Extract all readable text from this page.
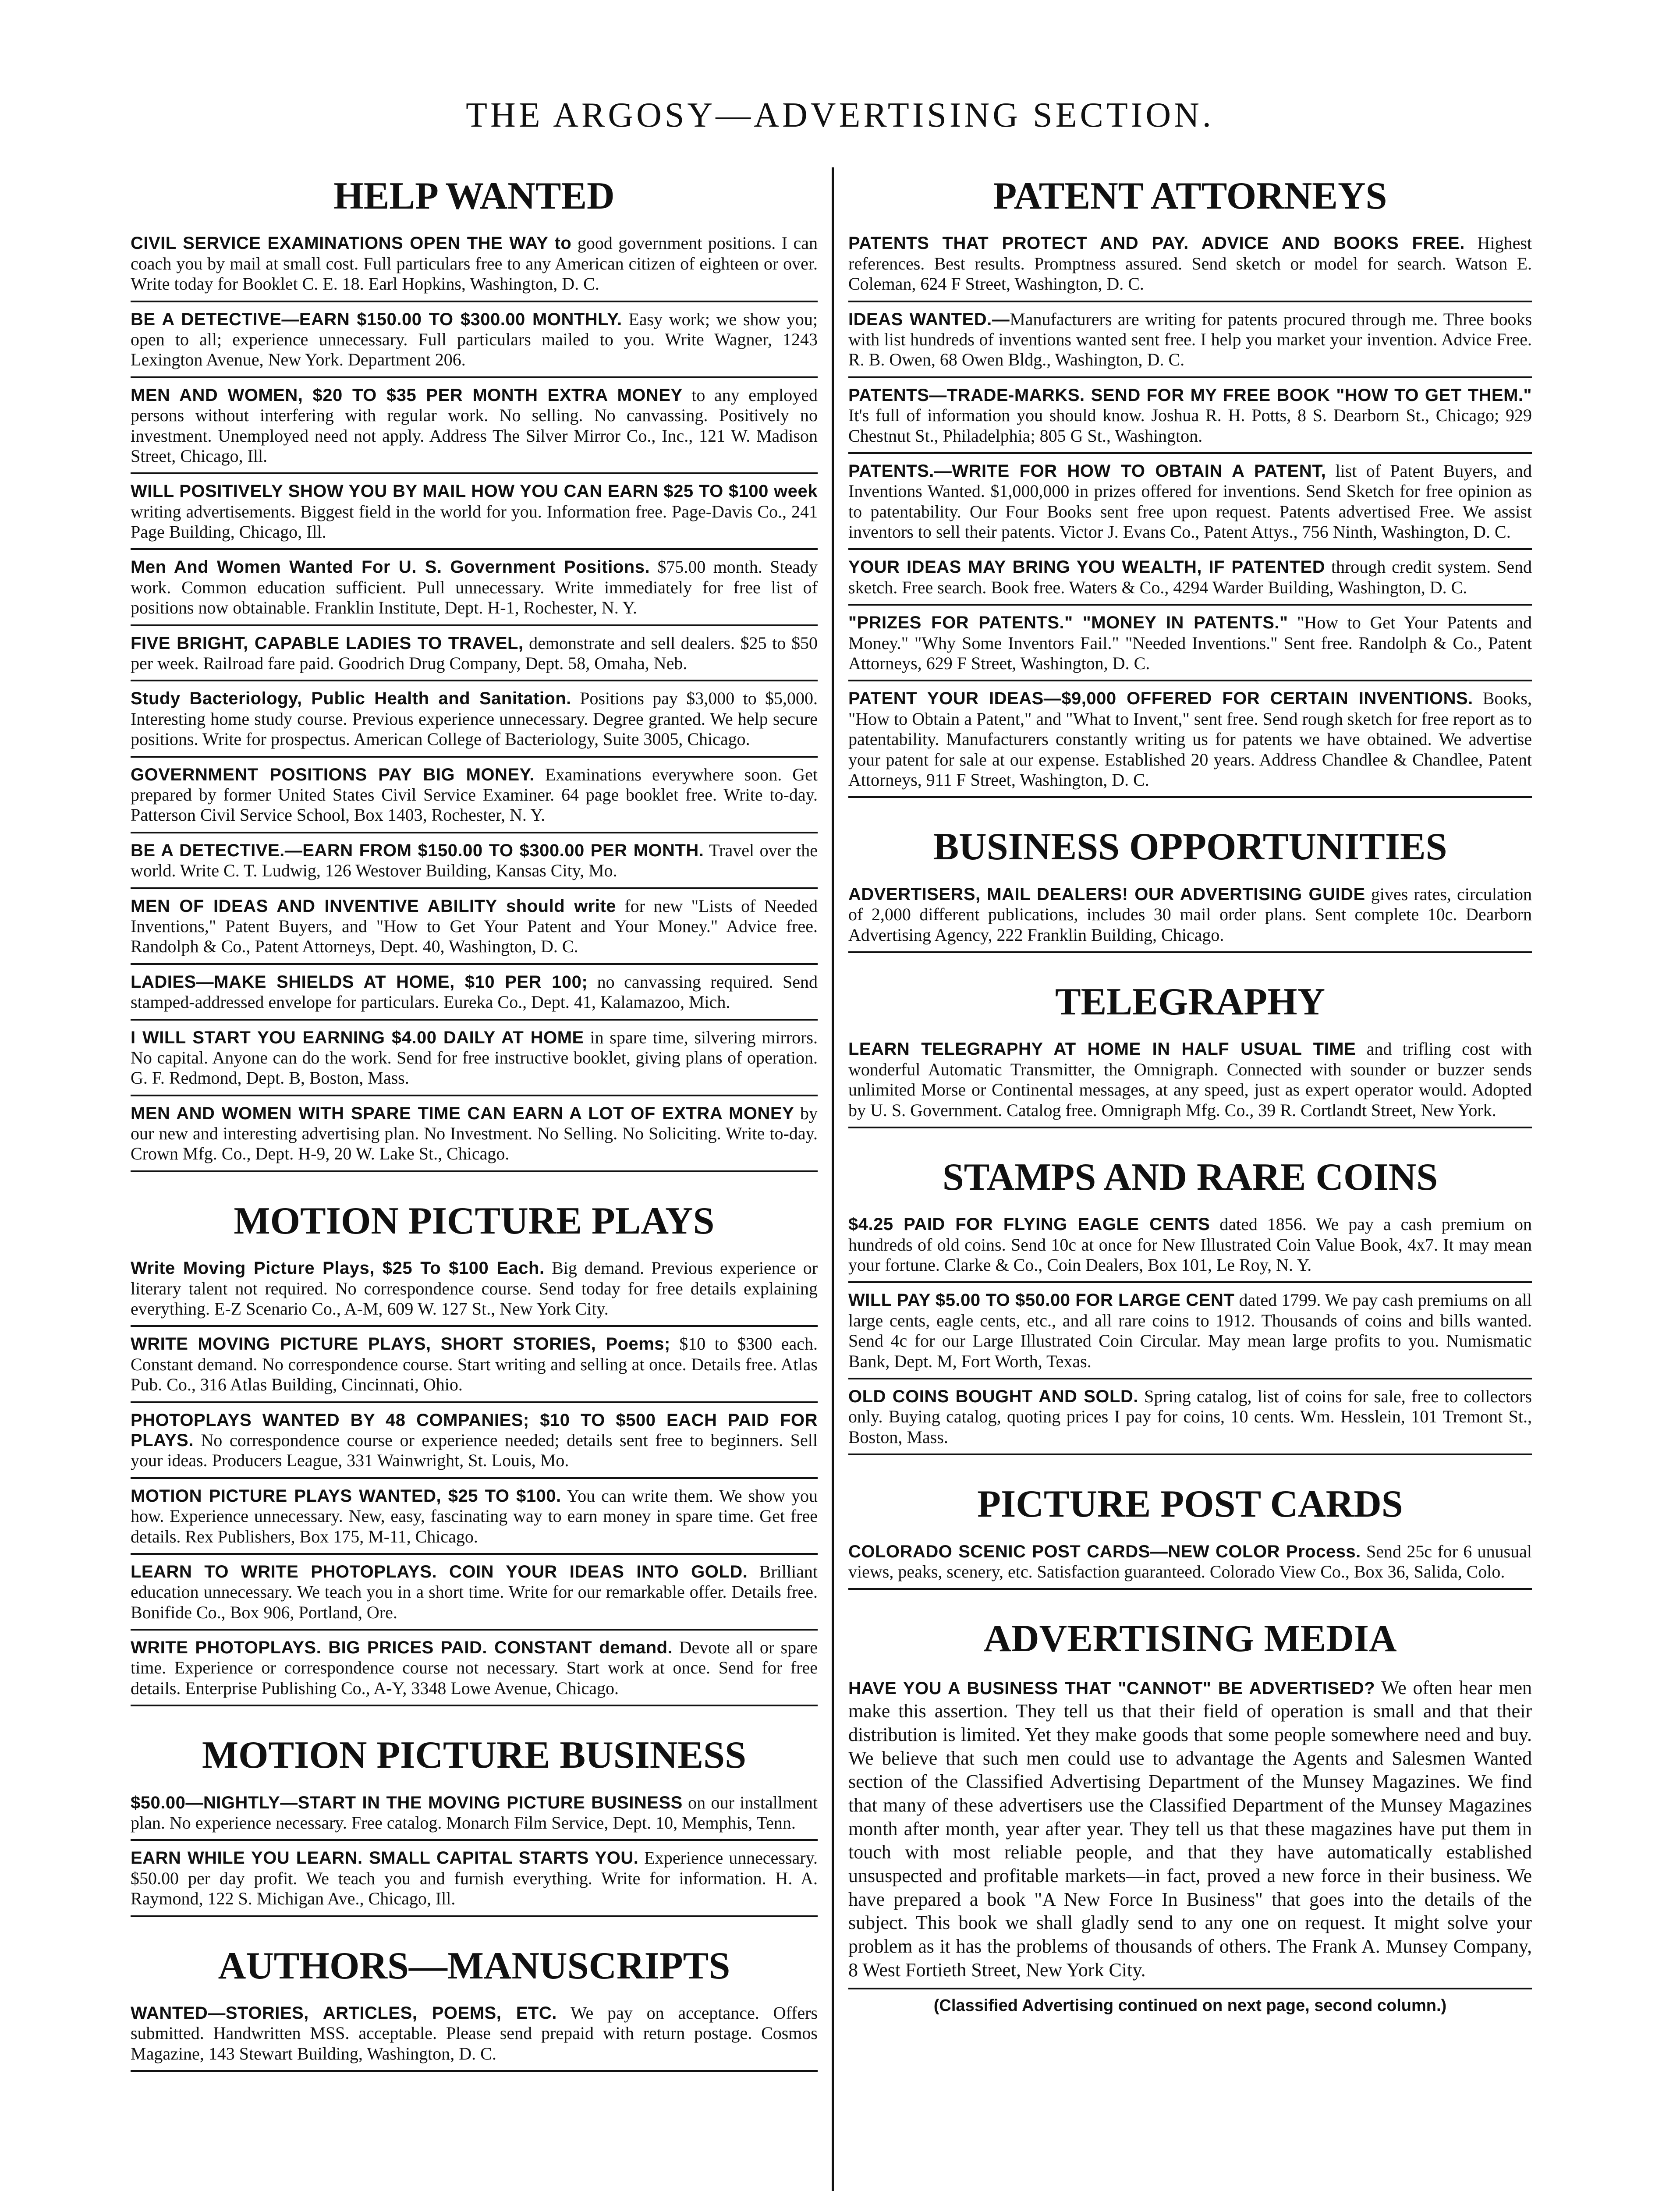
THE ARGOSY—ADVERTISING SECTION.
HELP WANTED
CIVIL SERVICE EXAMINATIONS OPEN THE WAY to good government positions. I can coach you by mail at small cost. Full particulars free to any American citizen of eighteen or over. Write today for Booklet C. E. 18. Earl Hopkins, Washington, D. C.
BE A DETECTIVE—EARN $150.00 TO $300.00 MONTHLY. Easy work; we show you; open to all; experience unnecessary. Full particulars mailed to you. Write Wagner, 1243 Lexington Avenue, New York. Department 206.
MEN AND WOMEN, $20 TO $35 PER MONTH EXTRA MONEY to any employed persons without interfering with regular work. No selling. No canvassing. Positively no investment. Unemployed need not apply. Address The Silver Mirror Co., Inc., 121 W. Madison Street, Chicago, Ill.
WILL POSITIVELY SHOW YOU BY MAIL HOW YOU CAN EARN $25 TO $100 week writing advertisements. Biggest field in the world for you. Information free. Page-Davis Co., 241 Page Building, Chicago, Ill.
Men And Women Wanted For U. S. Government Positions. $75.00 month. Steady work. Common education sufficient. Pull unnecessary. Write immediately for free list of positions now obtainable. Franklin Institute, Dept. H-1, Rochester, N. Y.
FIVE BRIGHT, CAPABLE LADIES TO TRAVEL, demonstrate and sell dealers. $25 to $50 per week. Railroad fare paid. Goodrich Drug Company, Dept. 58, Omaha, Neb.
Study Bacteriology, Public Health and Sanitation. Positions pay $3,000 to $5,000. Interesting home study course. Previous experience unnecessary. Degree granted. We help secure positions. Write for prospectus. American College of Bacteriology, Suite 3005, Chicago.
GOVERNMENT POSITIONS PAY BIG MONEY. Examinations everywhere soon. Get prepared by former United States Civil Service Examiner. 64 page booklet free. Write to-day. Patterson Civil Service School, Box 1403, Rochester, N. Y.
BE A DETECTIVE.—EARN FROM $150.00 TO $300.00 PER MONTH. Travel over the world. Write C. T. Ludwig, 126 Westover Building, Kansas City, Mo.
MEN OF IDEAS AND INVENTIVE ABILITY should write for new "Lists of Needed Inventions," Patent Buyers, and "How to Get Your Patent and Your Money." Advice free. Randolph & Co., Patent Attorneys, Dept. 40, Washington, D. C.
LADIES—MAKE SHIELDS AT HOME, $10 PER 100; no canvassing required. Send stamped-addressed envelope for particulars. Eureka Co., Dept. 41, Kalamazoo, Mich.
I WILL START YOU EARNING $4.00 DAILY AT HOME in spare time, silvering mirrors. No capital. Anyone can do the work. Send for free instructive booklet, giving plans of operation. G. F. Redmond, Dept. B, Boston, Mass.
MEN AND WOMEN WITH SPARE TIME CAN EARN A LOT OF EXTRA MONEY by our new and interesting advertising plan. No Investment. No Selling. No Soliciting. Write to-day. Crown Mfg. Co., Dept. H-9, 20 W. Lake St., Chicago.
MOTION PICTURE PLAYS
Write Moving Picture Plays, $25 To $100 Each. Big demand. Previous experience or literary talent not required. No correspondence course. Send today for free details explaining everything. E-Z Scenario Co., A-M, 609 W. 127 St., New York City.
WRITE MOVING PICTURE PLAYS, SHORT STORIES, Poems; $10 to $300 each. Constant demand. No correspondence course. Start writing and selling at once. Details free. Atlas Pub. Co., 316 Atlas Building, Cincinnati, Ohio.
PHOTOPLAYS WANTED BY 48 COMPANIES; $10 TO $500 EACH PAID FOR PLAYS. No correspondence course or experience needed; details sent free to beginners. Sell your ideas. Producers League, 331 Wainwright, St. Louis, Mo.
MOTION PICTURE PLAYS WANTED, $25 TO $100. You can write them. We show you how. Experience unnecessary. New, easy, fascinating way to earn money in spare time. Get free details. Rex Publishers, Box 175, M-11, Chicago.
LEARN TO WRITE PHOTOPLAYS. COIN YOUR IDEAS INTO GOLD. Brilliant education unnecessary. We teach you in a short time. Write for our remarkable offer. Details free. Bonifide Co., Box 906, Portland, Ore.
WRITE PHOTOPLAYS. BIG PRICES PAID. CONSTANT demand. Devote all or spare time. Experience or correspondence course not necessary. Start work at once. Send for free details. Enterprise Publishing Co., A-Y, 3348 Lowe Avenue, Chicago.
MOTION PICTURE BUSINESS
$50.00—NIGHTLY—START IN THE MOVING PICTURE BUSINESS on our installment plan. No experience necessary. Free catalog. Monarch Film Service, Dept. 10, Memphis, Tenn.
EARN WHILE YOU LEARN. SMALL CAPITAL STARTS YOU. Experience unnecessary. $50.00 per day profit. We teach you and furnish everything. Write for information. H. A. Raymond, 122 S. Michigan Ave., Chicago, Ill.
AUTHORS—MANUSCRIPTS
WANTED—STORIES, ARTICLES, POEMS, ETC. We pay on acceptance. Offers submitted. Handwritten MSS. acceptable. Please send prepaid with return postage. Cosmos Magazine, 143 Stewart Building, Washington, D. C.
PATENT ATTORNEYS
PATENTS THAT PROTECT AND PAY. ADVICE AND BOOKS FREE. Highest references. Best results. Promptness assured. Send sketch or model for search. Watson E. Coleman, 624 F Street, Washington, D. C.
IDEAS WANTED.—Manufacturers are writing for patents procured through me. Three books with list hundreds of inventions wanted sent free. I help you market your invention. Advice Free. R. B. Owen, 68 Owen Bldg., Washington, D. C.
PATENTS—TRADE-MARKS. SEND FOR MY FREE BOOK "HOW TO GET THEM." It's full of information you should know. Joshua R. H. Potts, 8 S. Dearborn St., Chicago; 929 Chestnut St., Philadelphia; 805 G St., Washington.
PATENTS.—WRITE FOR HOW TO OBTAIN A PATENT, list of Patent Buyers, and Inventions Wanted. $1,000,000 in prizes offered for inventions. Send Sketch for free opinion as to patentability. Our Four Books sent free upon request. Patents advertised Free. We assist inventors to sell their patents. Victor J. Evans Co., Patent Attys., 756 Ninth, Washington, D. C.
YOUR IDEAS MAY BRING YOU WEALTH, IF PATENTED through credit system. Send sketch. Free search. Book free. Waters & Co., 4294 Warder Building, Washington, D. C.
"PRIZES FOR PATENTS." "MONEY IN PATENTS." "How to Get Your Patents and Money." "Why Some Inventors Fail." "Needed Inventions." Sent free. Randolph & Co., Patent Attorneys, 629 F Street, Washington, D. C.
PATENT YOUR IDEAS—$9,000 OFFERED FOR CERTAIN INVENTIONS. Books, "How to Obtain a Patent," and "What to Invent," sent free. Send rough sketch for free report as to patentability. Manufacturers constantly writing us for patents we have obtained. We advertise your patent for sale at our expense. Established 20 years. Address Chandlee & Chandlee, Patent Attorneys, 911 F Street, Washington, D. C.
BUSINESS OPPORTUNITIES
ADVERTISERS, MAIL DEALERS! OUR ADVERTISING GUIDE gives rates, circulation of 2,000 different publications, includes 30 mail order plans. Sent complete 10c. Dearborn Advertising Agency, 222 Franklin Building, Chicago.
TELEGRAPHY
LEARN TELEGRAPHY AT HOME IN HALF USUAL TIME and trifling cost with wonderful Automatic Transmitter, the Omnigraph. Connected with sounder or buzzer sends unlimited Morse or Continental messages, at any speed, just as expert operator would. Adopted by U. S. Government. Catalog free. Omnigraph Mfg. Co., 39 R. Cortlandt Street, New York.
STAMPS AND RARE COINS
$4.25 PAID FOR FLYING EAGLE CENTS dated 1856. We pay a cash premium on hundreds of old coins. Send 10c at once for New Illustrated Coin Value Book, 4x7. It may mean your fortune. Clarke & Co., Coin Dealers, Box 101, Le Roy, N. Y.
WILL PAY $5.00 TO $50.00 FOR LARGE CENT dated 1799. We pay cash premiums on all large cents, eagle cents, etc., and all rare coins to 1912. Thousands of coins and bills wanted. Send 4c for our Large Illustrated Coin Circular. May mean large profits to you. Numismatic Bank, Dept. M, Fort Worth, Texas.
OLD COINS BOUGHT AND SOLD. Spring catalog, list of coins for sale, free to collectors only. Buying catalog, quoting prices I pay for coins, 10 cents. Wm. Hesslein, 101 Tremont St., Boston, Mass.
PICTURE POST CARDS
COLORADO SCENIC POST CARDS—NEW COLOR Process. Send 25c for 6 unusual views, peaks, scenery, etc. Satisfaction guaranteed. Colorado View Co., Box 36, Salida, Colo.
ADVERTISING MEDIA
HAVE YOU A BUSINESS THAT "CANNOT" BE ADVERTISED? We often hear men make this assertion. They tell us that their field of operation is small and that their distribution is limited. Yet they make goods that some people somewhere need and buy. We believe that such men could use to advantage the Agents and Salesmen Wanted section of the Classified Advertising Department of the Munsey Magazines. We find that many of these advertisers use the Classified Department of the Munsey Magazines month after month, year after year. They tell us that these magazines have put them in touch with most reliable people, and that they have automatically established unsuspected and profitable markets—in fact, proved a new force in their business. We have prepared a book "A New Force In Business" that goes into the details of the subject. This book we shall gladly send to any one on request. It might solve your problem as it has the problems of thousands of others. The Frank A. Munsey Company, 8 West Fortieth Street, New York City.
(Classified Advertising continued on next page, second column.)
